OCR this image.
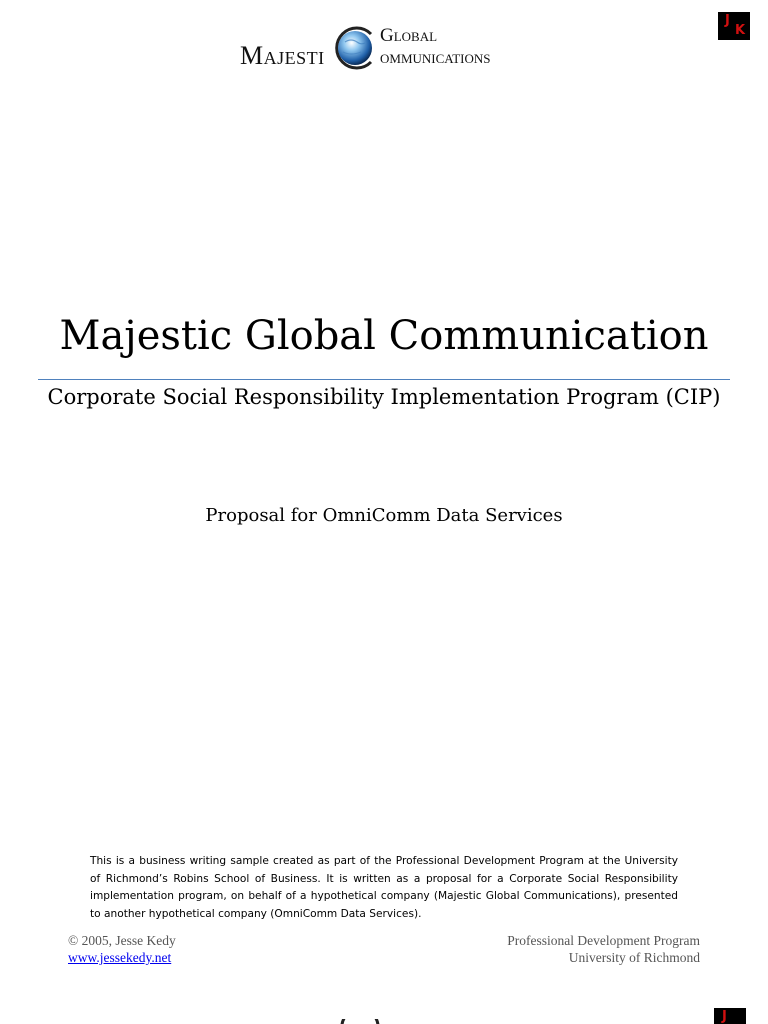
Majesti
Global
ommunications
J
K
Majestic Global Communication
Corporate Social Responsibility Implementation Program (CIP)
Proposal for OmniComm Data Services
This is a business writing sample created as part of the Professional Development Program at the University of Richmond’s Robins School of Business. It is written as a proposal for a Corporate Social Responsibility implementation program, on behalf of a hypothetical company (Majestic Global Communications), presented to another hypothetical company (OmniComm Data Services).
© 2005, Jesse Kedy
www.jessekedy.net
Professional Development Program
University of Richmond
J
